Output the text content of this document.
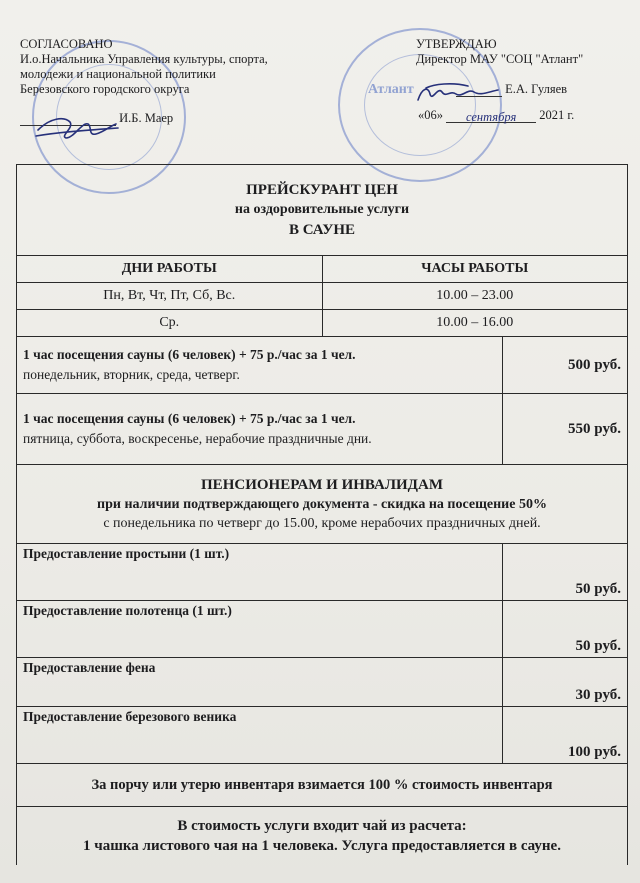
Атлант
СОГЛАСОВАНО
И.о.Начальника Управления культуры, спорта,
молодежи и национальной политики
Березовского городского округа
И.Б. Маер
УТВЕРЖДАЮ
Директор МАУ "СОЦ "Атлант"
Е.А. Гуляев
«06» сентября 2021 г.
ПРЕЙСКУРАНТ ЦЕН
на оздоровительные услуги
В САУНЕ	

ДНИ РАБОТЫ	ЧАСЫ РАБОТЫ
Пн, Вт, Чт, Пт, Сб, Вс.	10.00 – 23.00
Ср.	10.00 – 16.00
1 час посещения сауны (6 человек) + 75 р./час за 1 чел.
понедельник, вторник, среда, четверг.	500 руб.

1 час посещения сауны (6 человек) + 75 р./час за 1 чел.
пятница, суббота, воскресенье, нерабочие праздничные дни.	550 руб.

ПЕНСИОНЕРАМ И ИНВАЛИДАМ
при наличии подтверждающего документа - скидка на посещение 50%
с понедельника по четверг до 15.00, кроме нерабочих праздничных дней.	

Предоставление простыни (1 шт.)	50 руб.
Предоставление полотенца (1 шт.)	50 руб.
Предоставление фена	30 руб.
Предоставление березового веника	100 руб.
За порчу или утерю инвентаря взимается 100 % стоимость инвентаря	

В стоимость услуги входит чай из расчета:
1 чашка листового чая на 1 человека. Услуга предоставляется в сауне.	
